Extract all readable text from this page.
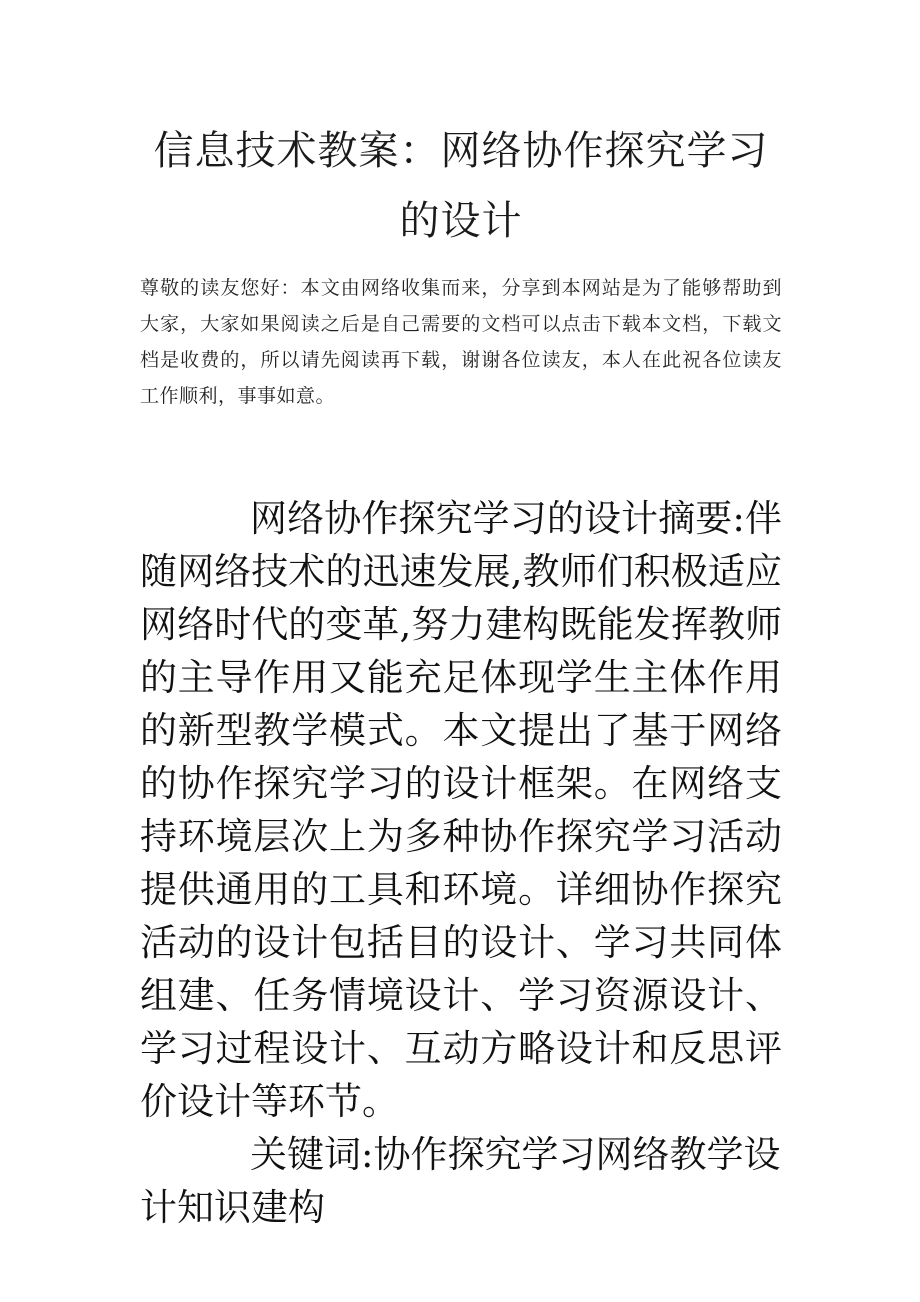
信息技术教案：网络协作探究学习的设计

尊敬的读友您好：本文由网络收集而来，分享到本网站是为了能够帮助到大家，大家如果阅读之后是自己需要的文档可以点击下载本文档，下载文档是收费的，所以请先阅读再下载，谢谢各位读友，本人在此祝各位读友工作顺利，事事如意。

网络协作探究学习的设计摘要:伴随网络技术的迅速发展,教师们积极适应网络时代的变革,努力建构既能发挥教师的主导作用又能充足体现学生主体作用的新型教学模式。本文提出了基于网络的协作探究学习的设计框架。在网络支持环境层次上为多种协作探究学习活动提供通用的工具和环境。详细协作探究活动的设计包括目的设计、学习共同体组建、任务情境设计、学习资源设计、学习过程设计、互动方略设计和反思评价设计等环节。

关键词:协作探究学习网络教学设计知识建构
